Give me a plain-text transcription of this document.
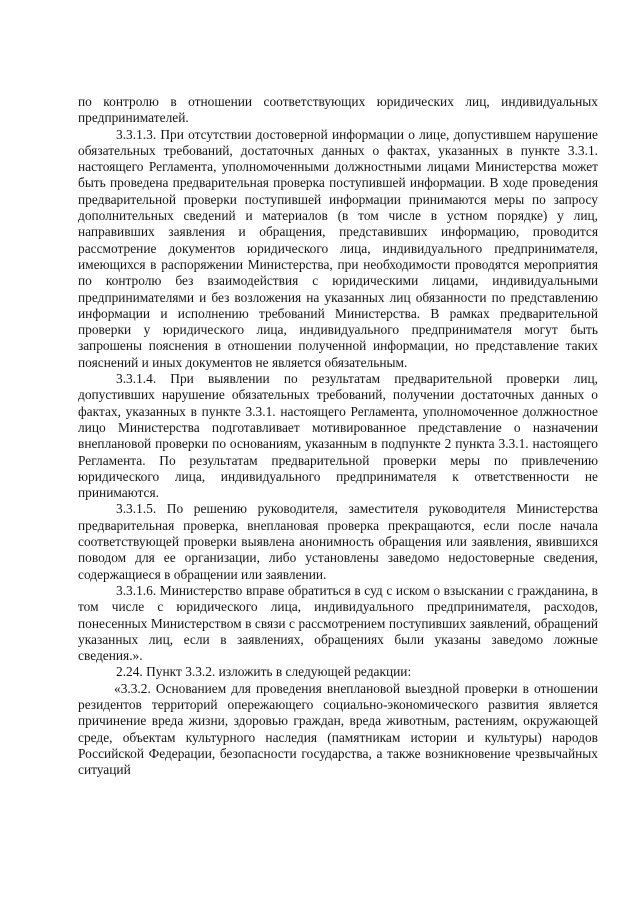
по контролю в отношении соответствующих юридических лиц, индивидуальных предпринимателей.

3.3.1.3. При отсутствии достоверной информации о лице, допустившем нарушение обязательных требований, достаточных данных о фактах, указанных в пункте 3.3.1. настоящего Регламента, уполномоченными должностными лицами Министерства может быть проведена предварительная проверка поступившей информации. В ходе проведения предварительной проверки поступившей информации принимаются меры по запросу дополнительных сведений и материалов (в том числе в устном порядке) у лиц, направивших заявления и обращения, представивших информацию, проводится рассмотрение документов юридического лица, индивидуального предпринимателя, имеющихся в распоряжении Министерства, при необходимости проводятся мероприятия по контролю без взаимодействия с юридическими лицами, индивидуальными предпринимателями и без возложения на указанных лиц обязанности по представлению информации и исполнению требований Министерства. В рамках предварительной проверки у юридического лица, индивидуального предпринимателя могут быть запрошены пояснения в отношении полученной информации, но представление таких пояснений и иных документов не является обязательным.

3.3.1.4. При выявлении по результатам предварительной проверки лиц, допустивших нарушение обязательных требований, получении достаточных данных о фактах, указанных в пункте 3.3.1. настоящего Регламента, уполномоченное должностное лицо Министерства подготавливает мотивированное представление о назначении внеплановой проверки по основаниям, указанным в подпункте 2 пункта 3.3.1. настоящего Регламента. По результатам предварительной проверки меры по привлечению юридического лица, индивидуального предпринимателя к ответственности не принимаются.

3.3.1.5. По решению руководителя, заместителя руководителя Министерства предварительная проверка, внеплановая проверка прекращаются, если после начала соответствующей проверки выявлена анонимность обращения или заявления, явившихся поводом для ее организации, либо установлены заведомо недостоверные сведения, содержащиеся в обращении или заявлении.

3.3.1.6. Министерство вправе обратиться в суд с иском о взыскании с гражданина, в том числе с юридического лица, индивидуального предпринимателя, расходов, понесенных Министерством в связи с рассмотрением поступивших заявлений, обращений указанных лиц, если в заявлениях, обращениях были указаны заведомо ложные сведения.».

2.24. Пункт 3.3.2. изложить в следующей редакции:

«3.3.2. Основанием для проведения внеплановой выездной проверки в отношении резидентов территорий опережающего социально-экономического развития является причинение вреда жизни, здоровью граждан, вреда животным, растениям, окружающей среде, объектам культурного наследия (памятникам истории и культуры) народов Российской Федерации, безопасности государства, а также возникновение чрезвычайных ситуаций
